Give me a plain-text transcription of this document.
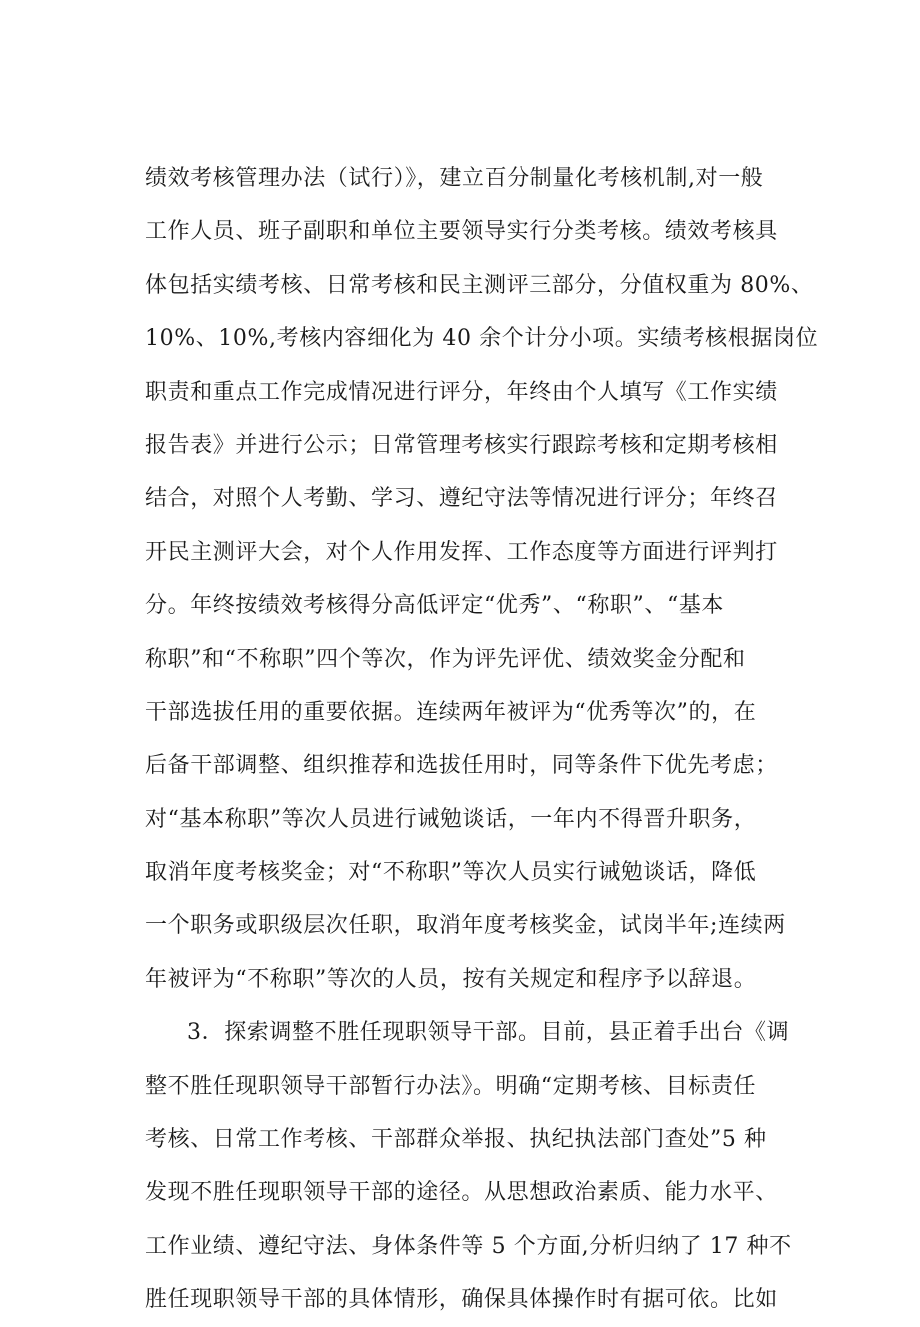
绩效考核管理办法（试行）》，建立百分制量化考核机制,对一般
工作人员、班子副职和单位主要领导实行分类考核。绩效考核具
体包括实绩考核、日常考核和民主测评三部分，分值权重为 80%、
10%、10%,考核内容细化为 40 余个计分小项。实绩考核根据岗位
职责和重点工作完成情况进行评分，年终由个人填写《工作实绩
报告表》并进行公示；日常管理考核实行跟踪考核和定期考核相
结合，对照个人考勤、学习、遵纪守法等情况进行评分；年终召
开民主测评大会，对个人作用发挥、工作态度等方面进行评判打
分。年终按绩效考核得分高低评定“优秀”、“称职”、“基本
称职”和“不称职”四个等次，作为评先评优、绩效奖金分配和
干部选拔任用的重要依据。连续两年被评为“优秀等次”的，在
后备干部调整、组织推荐和选拔任用时，同等条件下优先考虑；
对“基本称职”等次人员进行诫勉谈话，一年内不得晋升职务，
取消年度考核奖金；对“不称职”等次人员实行诫勉谈话，降低
一个职务或职级层次任职，取消年度考核奖金，试岗半年;连续两
年被评为“不称职”等次的人员，按有关规定和程序予以辞退。
3．探索调整不胜任现职领导干部。目前，县正着手出台《调
整不胜任现职领导干部暂行办法》。明确“定期考核、目标责任
考核、日常工作考核、干部群众举报、执纪执法部门查处”5 种
发现不胜任现职领导干部的途径。从思想政治素质、能力水平、
工作业绩、遵纪守法、身体条件等 5 个方面,分析归纳了 17 种不
胜任现职领导干部的具体情形，确保具体操作时有据可依。比如
